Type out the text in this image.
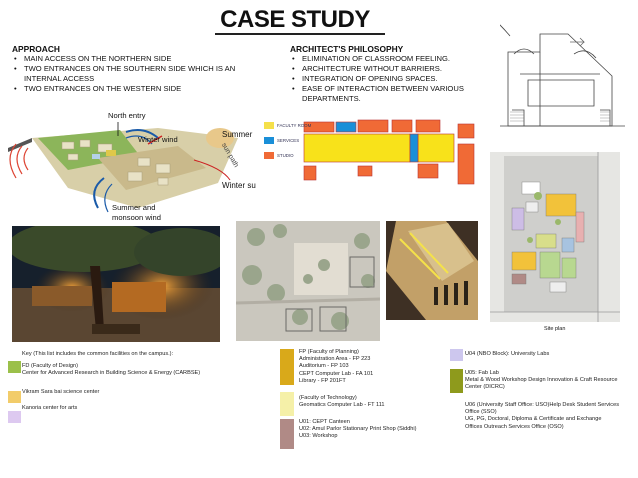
CASE STUDY
APPROACH
• MAIN ACCESS ON THE NORTHERN SIDE
• TWO ENTRANCES ON THE SOUTHERN SIDE WHICH IS AN INTERNAL ACCESS
• TWO ENTRANCES ON THE WESTERN SIDE
ARCHITECT'S PHILOSOPHY
• ELIMINATION OF CLASSROOM FEELING.
• ARCHITECTURE WITHOUT BARRIERS.
• INTEGRATION OF OPENING SPACES.
• EASE OF INTERACTION BETWEEN VARIOUS DEPARTMENTS.
North entry
Winter wind
Summer
sun path
Winter su
Summer and
monsoon wind
FACULTY ROOM
SERVICES
STUDIO
Site plan
Key (This list includes the common facilities on the campus.):
FD (Faculty of Design)
Center for Advanced Research in Building Science & Energy (CARBSE)
Vikram Sara bai science center
Kanoria center for arts
FP (Faculty of Planning)
Administration Area - FP 223
Auditorium - FP 103
CEPT Computer Lab - FA 101
Library - FP 201FT
(Faculty of Technology)
Geomatics Computer Lab - FT 111
U01: CEPT Canteen
U02: Amul Parlor Stationary Print Shop (Siddhi)
U03: Workshop
U04 (NBO Block): University Labs
U05: Fab Lab
Metal & Wood Workshop Design Innovation & Craft Resource
Center (DICRC)
U06 (University Staff Office: USO)Help Desk Student Services
Office (SSO)
UG, PG, Doctoral, Diploma & Certificate and Exchange
Offices Outreach Services Office (OSO)
